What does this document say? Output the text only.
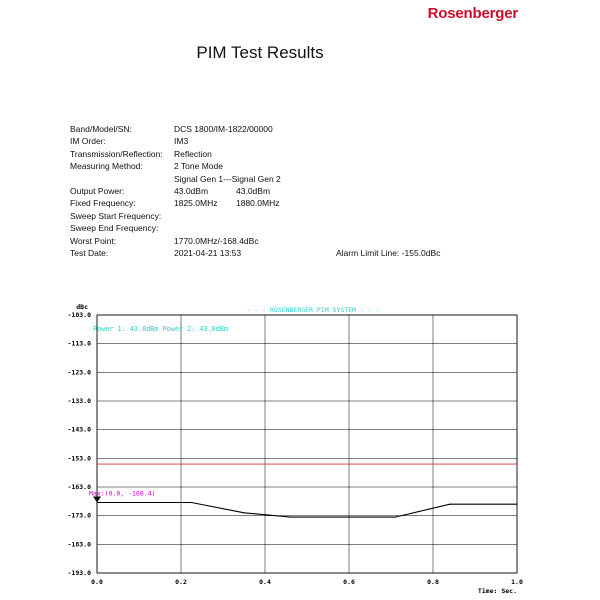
Rosenberger
PIM Test Results
Band/Model/SN:	DCS 1800/IM-1822/00000
IM Order:	IM3
Transmission/Reflection: Reflection
Measuring Method:	2 Tone Mode
Signal Gen 1---Signal Gen 2
Output Power:	43.0dBm	43.0dBm
Fixed Frequency:	1825.0MHz 1880.0MHz
Sweep Start Frequency:
Sweep End Frequency:
Worst Point:	1770.0MHz/-168.4dBc
Test Date:	2021-04-21 13:53	Alarm Limit Line: -155.0dBc
-103.0
-113.0
-123.0
-133.0
-143.0
-153.0
-163.0
-173.0
-183.0
-193.0
0.0	0.2	0.4	0.6	0.8	1.0
dBc
Time: Sec.
- - - ROSENBERGER PIM SYSTEM - - -
Power 1: 43.0dBm Power 2: 43.0dBm
Max:(0.0, -168.4)
